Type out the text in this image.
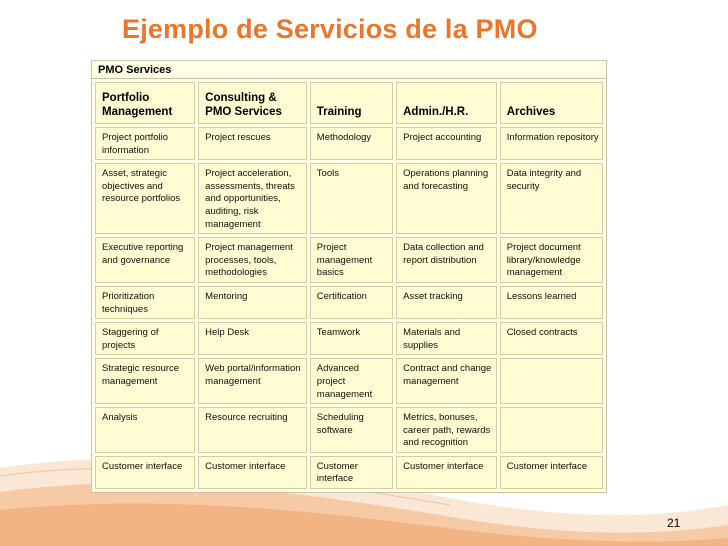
Ejemplo de Servicios de la PMO
PMO Services
Portfolio Management	Consulting & PMO Services	Training	Admin./H.R.	Archives
Project portfolio information	Project rescues	Methodology	Project accounting	Information repository
Asset, strategic objectives and resource portfolios	Project acceleration, assessments, threats and opportunities, auditing, risk management	Tools	Operations planning and forecasting	Data integrity and security
Executive reporting and governance	Project management processes, tools, methodologies	Project management basics	Data collection and report distribution	Project document library/knowledge management
Prioritization techniques	Mentoring	Certification	Asset tracking	Lessons learned
Staggering of projects	Help Desk	Teamwork	Materials and supplies	Closed contracts
Strategic resource management	Web portal/information management	Advanced project management	Contract and change management	
Analysis	Resource recruiting	Scheduling software	Metrics, bonuses, career path, rewards and recognition	
Customer interface	Customer interface	Customer interface	Customer interface	Customer interface
21
